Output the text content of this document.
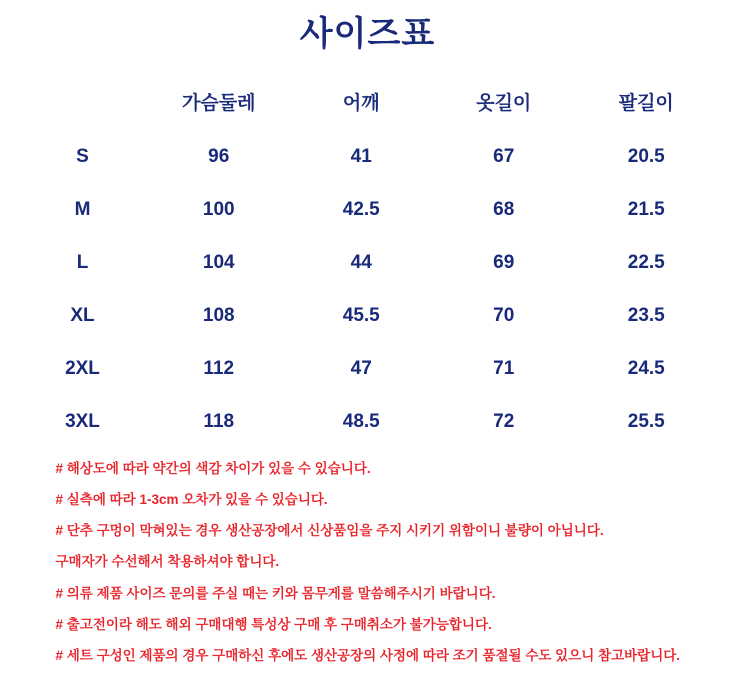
사이즈표
	가슴둘레	어깨	옷길이	팔길이
S	96	41	67	20.5
M	100	42.5	68	21.5
L	104	44	69	22.5
XL	108	45.5	70	23.5
2XL	112	47	71	24.5
3XL	118	48.5	72	25.5

# 해상도에 따라 약간의 색감 차이가 있을 수 있습니다.

# 실측에 따라 1-3cm 오차가 있을 수 있습니다.

# 단추 구멍이 막혀있는 경우 생산공장에서 신상품임을 주지 시키기 위함이니 불량이 아닙니다.

구매자가 수선해서 착용하셔야 합니다.

# 의류 제품 사이즈 문의를 주실 때는 키와 몸무게를 말씀해주시기 바랍니다.

# 출고전이라 해도 해외 구매대행 특성상 구매 후 구매취소가 불가능합니다.

# 세트 구성인 제품의 경우 구매하신 후에도 생산공장의 사정에 따라 조기 품절될 수도 있으니 참고바랍니다.
